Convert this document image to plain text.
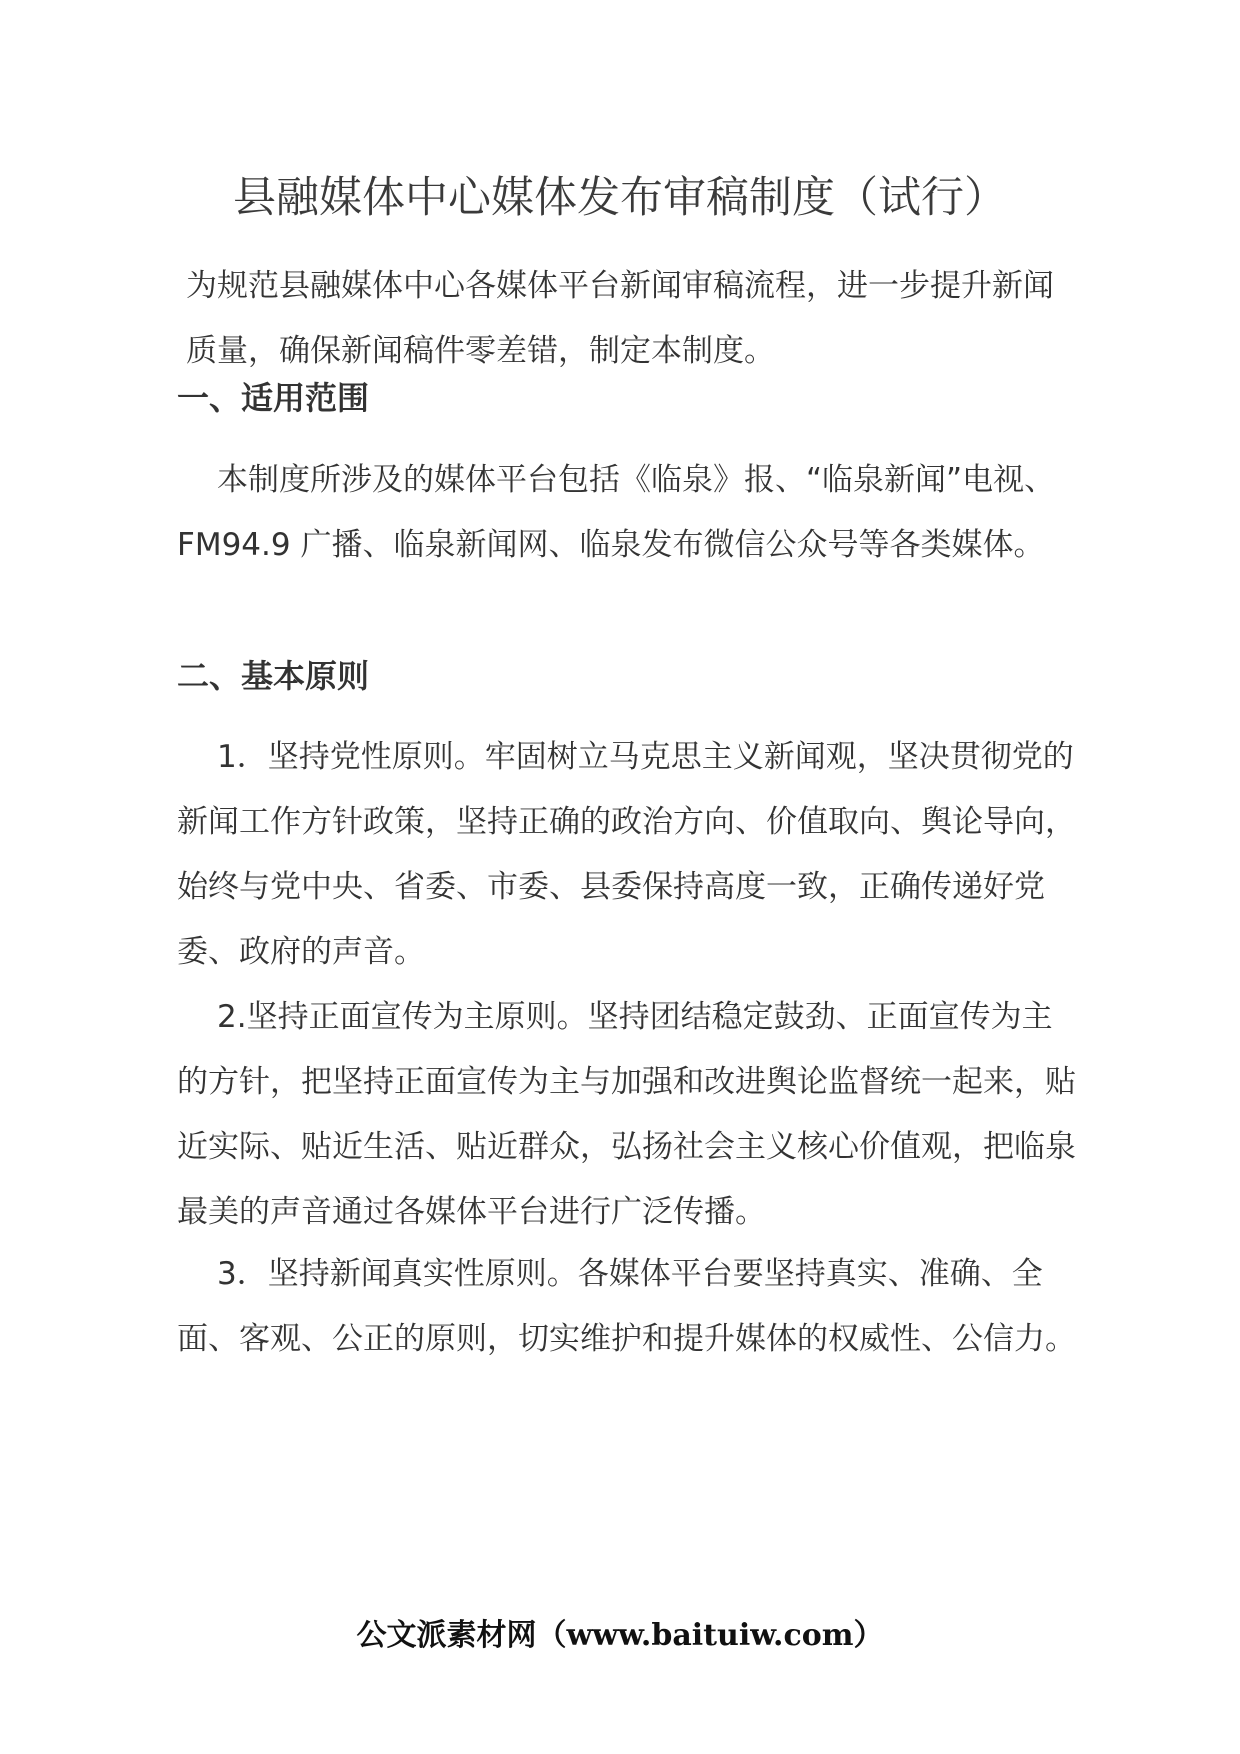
县融媒体中心媒体发布审稿制度（试行）

为规范县融媒体中心各媒体平台新闻审稿流程，进一步提升新闻质量，确保新闻稿件零差错，制定本制度。

一、适用范围

本制度所涉及的媒体平台包括《临泉》报、“临泉新闻”电视、FM94.9 广播、临泉新闻网、临泉发布微信公众号等各类媒体。

二、基本原则

1．坚持党性原则。牢固树立马克思主义新闻观，坚决贯彻党的新闻工作方针政策，坚持正确的政治方向、价值取向、舆论导向，始终与党中央、省委、市委、县委保持高度一致，正确传递好党委、政府的声音。

2.坚持正面宣传为主原则。坚持团结稳定鼓劲、正面宣传为主的方针，把坚持正面宣传为主与加强和改进舆论监督统一起来，贴近实际、贴近生活、贴近群众，弘扬社会主义核心价值观，把临泉最美的声音通过各媒体平台进行广泛传播。

3．坚持新闻真实性原则。各媒体平台要坚持真实、准确、全面、客观、公正的原则，切实维护和提升媒体的权威性、公信力。

公文派素材网（www.baituiw.com）
